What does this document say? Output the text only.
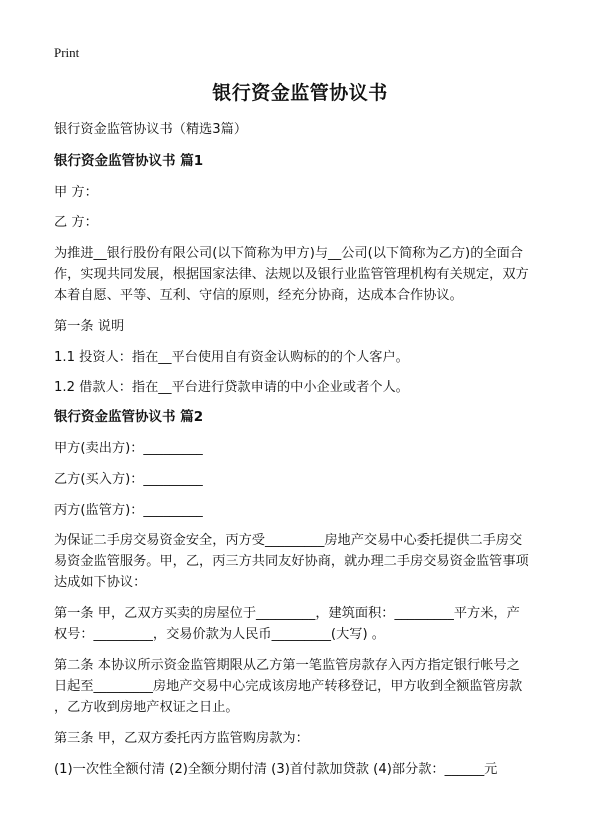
Print
银行资金监管协议书

银行资金监管协议书（精选3篇）

银行资金监管协议书 篇1

甲 方：

乙 方：

为推进__银行股份有限公司(以下简称为甲方)与__公司(以下简称为乙方)的全面合

作，实现共同发展，根据国家法律、法规以及银行业监管管理机构有关规定，双方

本着自愿、平等、互利、守信的原则，经充分协商，达成本合作协议。

第一条 说明

1.1 投资人：指在__平台使用自有资金认购标的的个人客户。

1.2 借款人：指在__平台进行贷款申请的中小企业或者个人。

银行资金监管协议书 篇2

甲方(卖出方)：_________

乙方(买入方)：_________

丙方(监管方)：_________

为保证二手房交易资金安全，丙方受_________房地产交易中心委托提供二手房交

易资金监管服务。甲，乙，丙三方共同友好协商，就办理二手房交易资金监管事项

达成如下协议：

第一条 甲，乙双方买卖的房屋位于_________，建筑面积：_________平方米，产

权号：_________，交易价款为人民币_________(大写) 。

第二条 本协议所示资金监管期限从乙方第一笔监管房款存入丙方指定银行帐号之

日起至_________房地产交易中心完成该房地产转移登记，甲方收到全额监管房款

，乙方收到房地产权证之日止。

第三条 甲，乙双方委托丙方监管购房款为：

(1)一次性全额付清 (2)全额分期付清 (3)首付款加贷款 (4)部分款：______元
